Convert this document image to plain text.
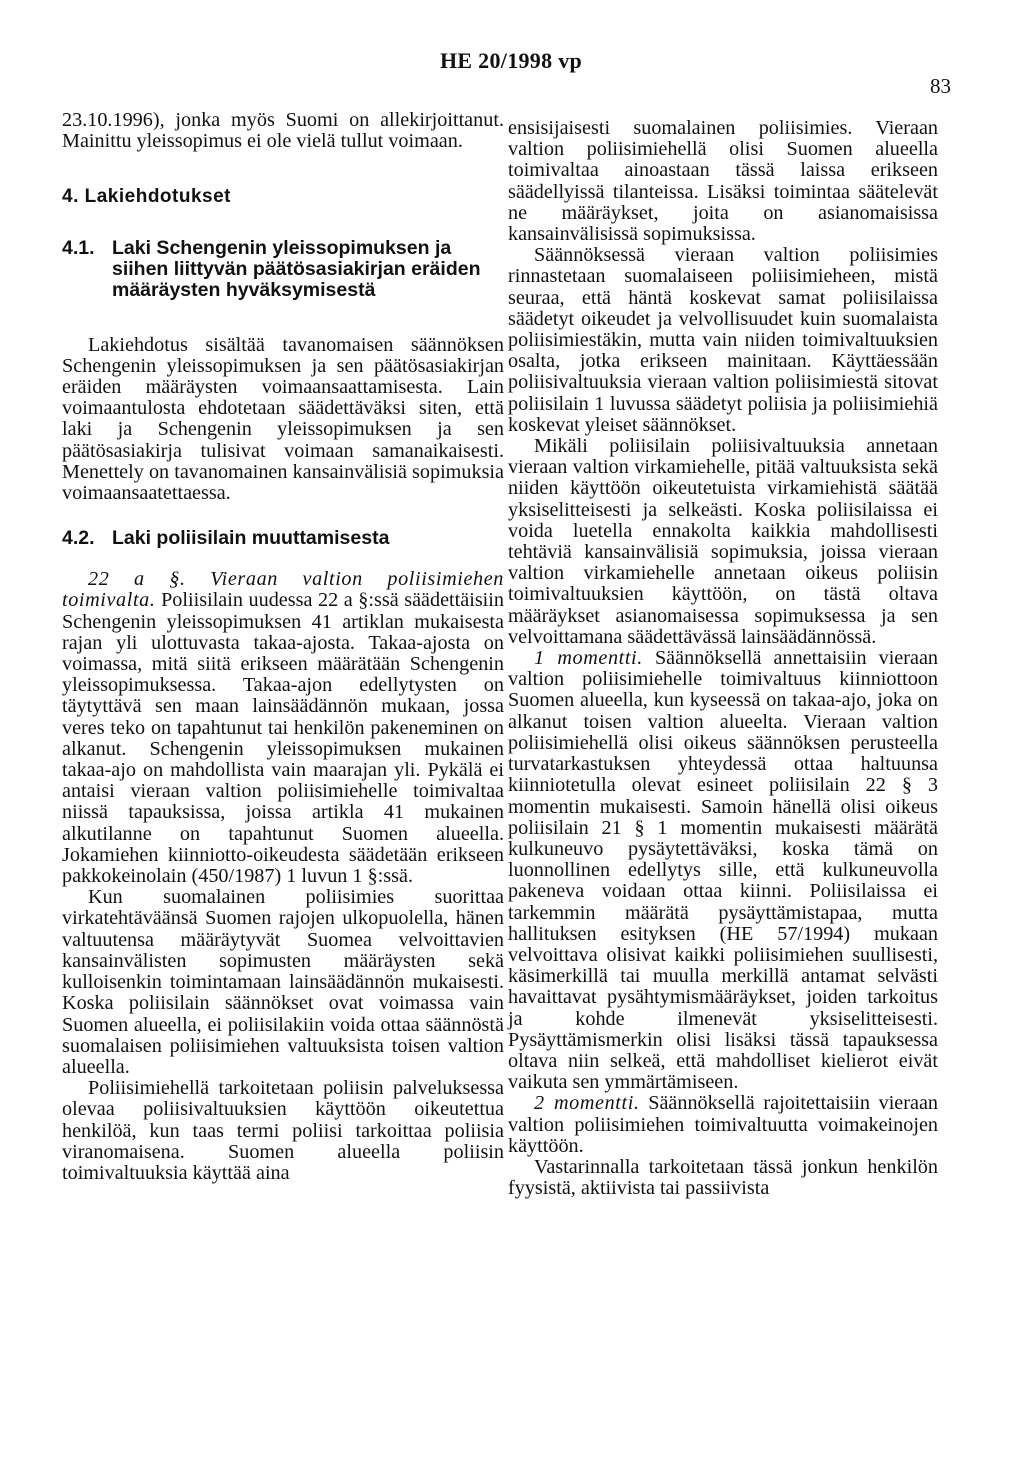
HE 20/1998 vp
83

23.10.1996), jonka myös Suomi on allekirjoittanut. Mainittu yleissopimus ei ole vielä tullut voimaan.

4. Lakiehdotukset

4.1. Laki Schengenin yleissopimuksen ja siihen liittyvän päätösasiakirjan eräiden määräysten hyväksymisestä

Lakiehdotus sisältää tavanomaisen säännöksen Schengenin yleissopimuksen ja sen päätösasiakirjan eräiden määräysten voimaansaattamisesta. Lain voimaantulosta ehdotetaan säädettäväksi siten, että laki ja Schengenin yleissopimuksen ja sen päätösasiakirja tulisivat voimaan samanaikaisesti. Menettely on tavanomainen kansainvälisiä sopimuksia voimaansaatettaessa.

4.2. Laki poliisilain muuttamisesta

22 a §. Vieraan valtion poliisimiehen toimivalta. Poliisilain uudessa 22 a §:ssä säädettäisiin Schengenin yleissopimuksen 41 artiklan mukaisesta rajan yli ulottuvasta takaa-ajosta. Takaa-ajosta on voimassa, mitä siitä erikseen määrätään Schengenin yleissopimuksessa. Takaa-ajon edellytysten on täytyttävä sen maan lainsäädännön mukaan, jossa veres teko on tapahtunut tai henkilön pakeneminen on alkanut. Schengenin yleissopimuksen mukainen takaa-ajo on mahdollista vain maarajan yli. Pykälä ei antaisi vieraan valtion poliisimiehelle toimivaltaa niissä tapauksissa, joissa artikla 41 mukainen alkutilanne on tapahtunut Suomen alueella. Jokamiehen kiinniotto-oikeudesta säädetään erikseen pakkokeinolain (450/1987) 1 luvun 1 §:ssä.

Kun suomalainen poliisimies suorittaa virkatehtäväänsä Suomen rajojen ulkopuolella, hänen valtuutensa määräytyvät Suomea velvoittavien kansainvälisten sopimusten määräysten sekä kulloisenkin toimintamaan lainsäädännön mukaisesti. Koska poliisilain säännökset ovat voimassa vain Suomen alueella, ei poliisilakiin voida ottaa säännöstä suomalaisen poliisimiehen valtuuksista toisen valtion alueella.

Poliisimiehellä tarkoitetaan poliisin palveluksessa olevaa poliisivaltuuksien käyttöön oikeutettua henkilöä, kun taas termi poliisi tarkoittaa poliisia viranomaisena. Suomen alueella poliisin toimivaltuuksia käyttää aina

ensisijaisesti suomalainen poliisimies. Vieraan valtion poliisimiehellä olisi Suomen alueella toimivaltaa ainoastaan tässä laissa erikseen säädellyissä tilanteissa. Lisäksi toimintaa säätelevät ne määräykset, joita on asianomaisissa kansainvälisissä sopimuksissa.

Säännöksessä vieraan valtion poliisimies rinnastetaan suomalaiseen poliisimieheen, mistä seuraa, että häntä koskevat samat poliisilaissa säädetyt oikeudet ja velvollisuudet kuin suomalaista poliisimiestäkin, mutta vain niiden toimivaltuuksien osalta, jotka erikseen mainitaan. Käyttäessään poliisivaltuuksia vieraan valtion poliisimiestä sitovat poliisilain 1 luvussa säädetyt poliisia ja poliisimiehiä koskevat yleiset säännökset.

Mikäli poliisilain poliisivaltuuksia annetaan vieraan valtion virkamiehelle, pitää valtuuksista sekä niiden käyttöön oikeutetuista virkamiehistä säätää yksiselitteisesti ja selkeästi. Koska poliisilaissa ei voida luetella ennakolta kaikkia mahdollisesti tehtäviä kansainvälisiä sopimuksia, joissa vieraan valtion virkamiehelle annetaan oikeus poliisin toimivaltuuksien käyttöön, on tästä oltava määräykset asianomaisessa sopimuksessa ja sen velvoittamana säädettävässä lainsäädännössä.

1 momentti. Säännöksellä annettaisiin vieraan valtion poliisimiehelle toimivaltuus kiinniottoon Suomen alueella, kun kyseessä on takaa-ajo, joka on alkanut toisen valtion alueelta. Vieraan valtion poliisimiehellä olisi oikeus säännöksen perusteella turvatarkastuksen yhteydessä ottaa haltuunsa kiinniotetulla olevat esineet poliisilain 22 § 3 momentin mukaisesti. Samoin hänellä olisi oikeus poliisilain 21 § 1 momentin mukaisesti määrätä kulkuneuvo pysäytettäväksi, koska tämä on luonnollinen edellytys sille, että kulkuneuvolla pakeneva voidaan ottaa kiinni. Poliisilaissa ei tarkemmin määrätä pysäyttämistapaa, mutta hallituksen esityksen (HE 57/1994) mukaan velvoittava olisivat kaikki poliisimiehen suullisesti, käsimerkillä tai muulla merkillä antamat selvästi havaittavat pysähtymismääräykset, joiden tarkoitus ja kohde ilmenevät yksiselitteisesti. Pysäyttämismerkin olisi lisäksi tässä tapauksessa oltava niin selkeä, että mahdolliset kielierot eivät vaikuta sen ymmärtämiseen.

2 momentti. Säännöksellä rajoitettaisiin vieraan valtion poliisimiehen toimivaltuutta voimakeinojen käyttöön.

Vastarinnalla tarkoitetaan tässä jonkun henkilön fyysistä, aktiivista tai passiivista
